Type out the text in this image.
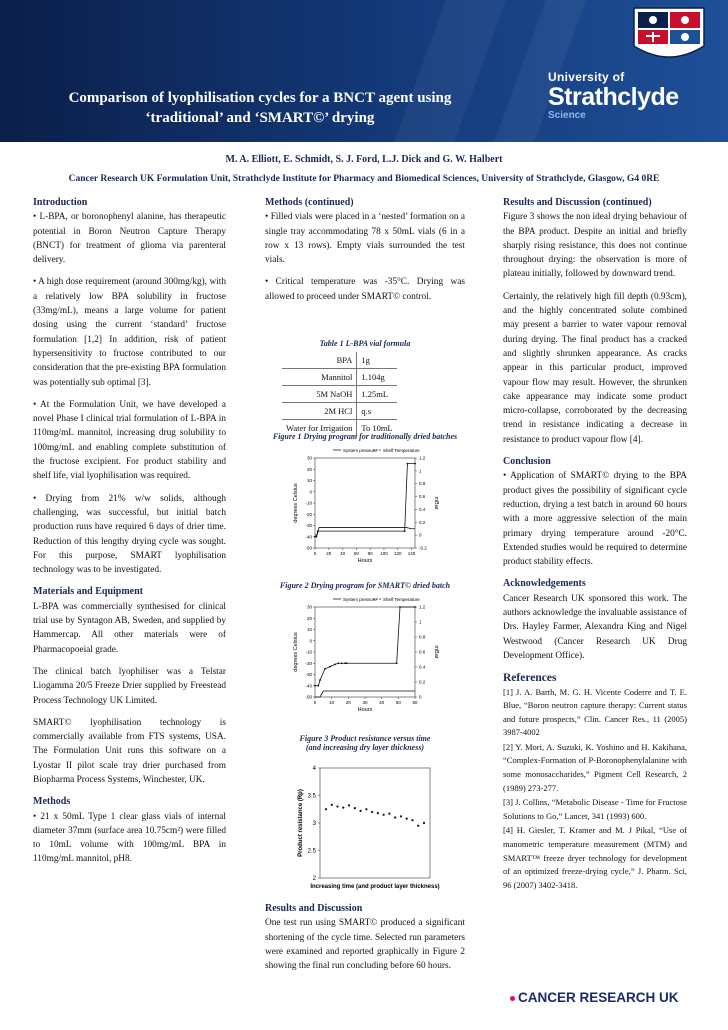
Comparison of lyophilisation cycles for a BNCT agent using
‘traditional’ and ‘SMART©’ drying
University of
Strathclyde
Science
M. A. Elliott, E. Schmidt, S. J. Ford, L.J. Dick and G. W. Halbert
Cancer Research UK Formulation Unit, Strathclyde Institute for Pharmacy and Biomedical Sciences, University of Strathclyde, Glasgow, G4 0RE
Introduction

• L-BPA, or boronophenyl alanine, has therapeutic potential in Boron Neutron Capture Therapy (BNCT) for treatment of glioma via parenteral delivery.

• A high dose requirement (around 300mg/kg), with a relatively low BPA solubility in fructose (33mg/mL), means a large volume for patient dosing using the current ‘standard’ fructose formulation [1,2] In addition, risk of patient hypersensitivity to fructose contributed to our consideration that the pre-existing BPA formulation was potentially sub optimal [3].

• At the Formulation Unit, we have developed a novel Phase I clinical trial formulation of L-BPA in 110mg/mL mannitol, increasing drug solubility to 100mg/mL and enabling complete substitution of the fructose excipient. For product stability and shelf life, vial lyophilisation was required.

• Drying from 21% w/w solids, although challenging, was successful, but initial batch production runs have required 6 days of drier time. Reduction of this lengthy drying cycle was sought. For this purpose, SMART lyophilisation technology was to be investigated.

Materials and Equipment

L-BPA was commercially synthesised for clinical trial use by Syntagon AB, Sweden, and supplied by Hammercap. All other materials were of Pharmacopoeial grade.

The clinical batch lyophiliser was a Telstar Liogamma 20/5 Freeze Drier supplied by Freestead Process Technology UK Limited.

SMART© lyophilisation technology is commercially available from FTS systems, USA. The Formulation Unit runs this software on a Lyostar II pilot scale tray drier purchased from Biopharma Process Systems, Winchester, UK.

Methods

• 21 x 50mL Type 1 clear glass vials of internal diameter 37mm (surface area 10.75cm²) were filled to 10mL volume with 100mg/mL BPA in 110mg/mL mannitol, pH8.

Methods (continued)

• Filled vials were placed in a ‘nested’ formation on a single tray accommodating 78 x 50mL vials (6 in a row x 13 rows). Empty vials surrounded the test vials.

• Critical temperature was -35°C. Drying was allowed to proceed under SMART© control.

Table 1 L-BPA vial formula
BPA	1g
Mannitol	1.104g
5M NaOH	1.25mL
2M HCl	q.s
Water for Irrigation	To 10mL
Figure 1 Drying program for traditionally dried batches
System pressure Shelf Temperature
-50
-40
-30
-20
-10
0
10
20
30
-0.2
0
0.2
0.4
0.6
0.8
1
1.2
0 20 40 60 80 100 120 140
Hours
degrees Celsius	mBar
Figure 2 Drying program for SMART© dried batch
System pressure Shelf Temperature
-50
-40
-30
-20
-10
0
10
20
30
0
0.2
0.4
0.6
0.8
1
1.2
0	10	20	30	40	50	60
Hours
degrees Celsius	mBar
Figure 3 Product resistance versus time
(and increasing dry layer thickness)
2
2.5
3
3.5
4
Product resistance (Rp)
Increasing time (and product layer thickness)
Results and Discussion

One test run using SMART© produced a significant shortening of the cycle time. Selected run parameters were examined and reported graphically in Figure 2 showing the final run concluding before 60 hours.

Results and Discussion (continued)

Figure 3 shows the non ideal drying behaviour of the BPA product. Despite an initial and briefly sharply rising resistance, this does not continue throughout drying: the observation is more of plateau initially, followed by downward trend.

Certainly, the relatively high fill depth (0.93cm), and the highly concentrated solute combined may present a barrier to water vapour removal during drying. The final product has a cracked and slightly shrunken appearance. As cracks appear in this particular product, improved vapour flow may result. However, the shrunken cake appearance may indicate some product micro-collapse, corroborated by the decreasing trend in resistance indicating a decrease in resistance to product vapour flow [4].

Conclusion

• Application of SMART© drying to the BPA product gives the possibility of significant cycle reduction, drying a test batch in around 60 hours with a more aggressive selection of the main primary drying temperature around -20°C. Extended studies would be required to determine product stability effects.

Acknowledgements

Cancer Research UK sponsored this work. The authors acknowledge the invaluable assistance of Drs. Hayley Farmer, Alexandra King and Nigel Westwood (Cancer Research UK Drug Development Office).

References

[1] J. A. Barth, M. G. H. Vicente Coderre and T. E. Blue, “Boron neutron capture therapy: Current status and future prospects,” Clin. Cancer Res., 11 (2005) 3987-4002

[2] Y. Mori, A. Suzuki, K. Yoshino and H. Kakihana, “Complex-Formation of P-Boronophenylalanine with some monosaccharides,” Pigment Cell Research, 2 (1989) 273-277.

[3] J. Collins, “Metabolic Disease - Time for Fructose Solutions to Go,” Lancet, 341 (1993) 600.

[4] H. Giesler, T. Kramer and M. J Pikal, “Use of manometric temperature measurement (MTM) and SMART™ freeze dryer technology for development of an optimized freeze-drying cycle,” J. Pharm. Sci, 96 (2007) 3402-3418.

CANCER RESEARCH UK
